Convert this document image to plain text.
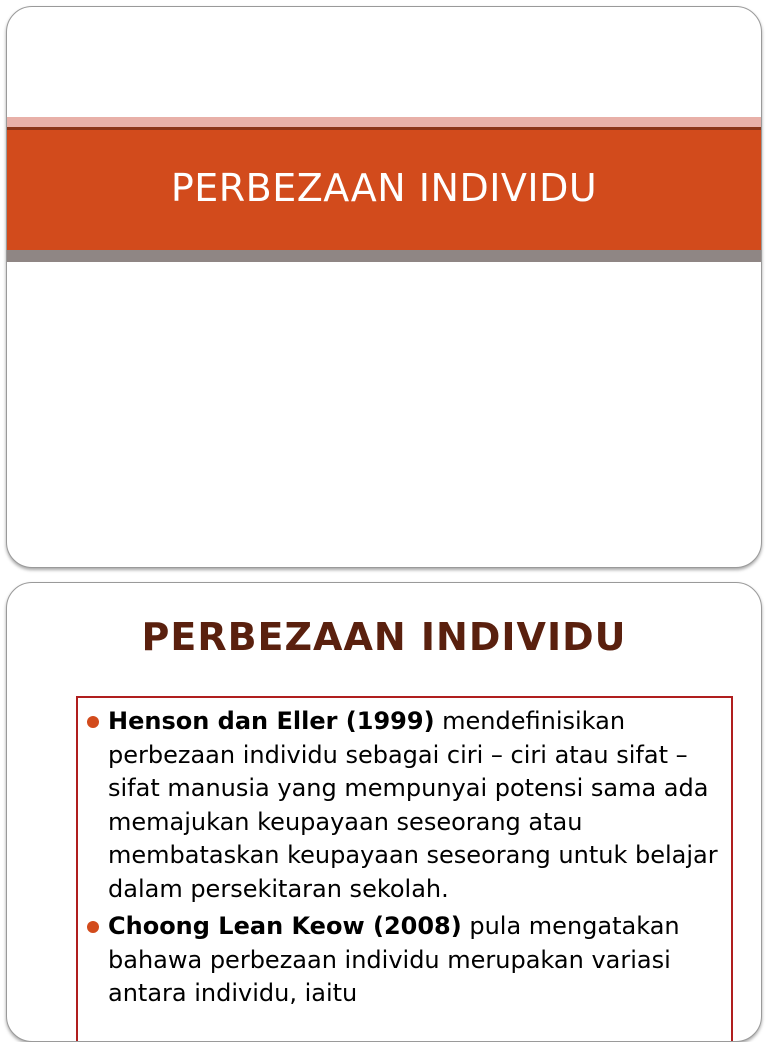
PERBEZAAN INDIVIDU
PERBEZAAN INDIVIDU
Henson dan Eller (1999) mendefinisikan perbezaan individu sebagai ciri – ciri atau sifat – sifat manusia yang mempunyai potensi sama ada memajukan keupayaan seseorang atau membataskan keupayaan seseorang untuk belajar dalam persekitaran sekolah.
Choong Lean Keow (2008) pula mengatakan bahawa perbezaan individu merupakan variasi antara individu, iaitu
